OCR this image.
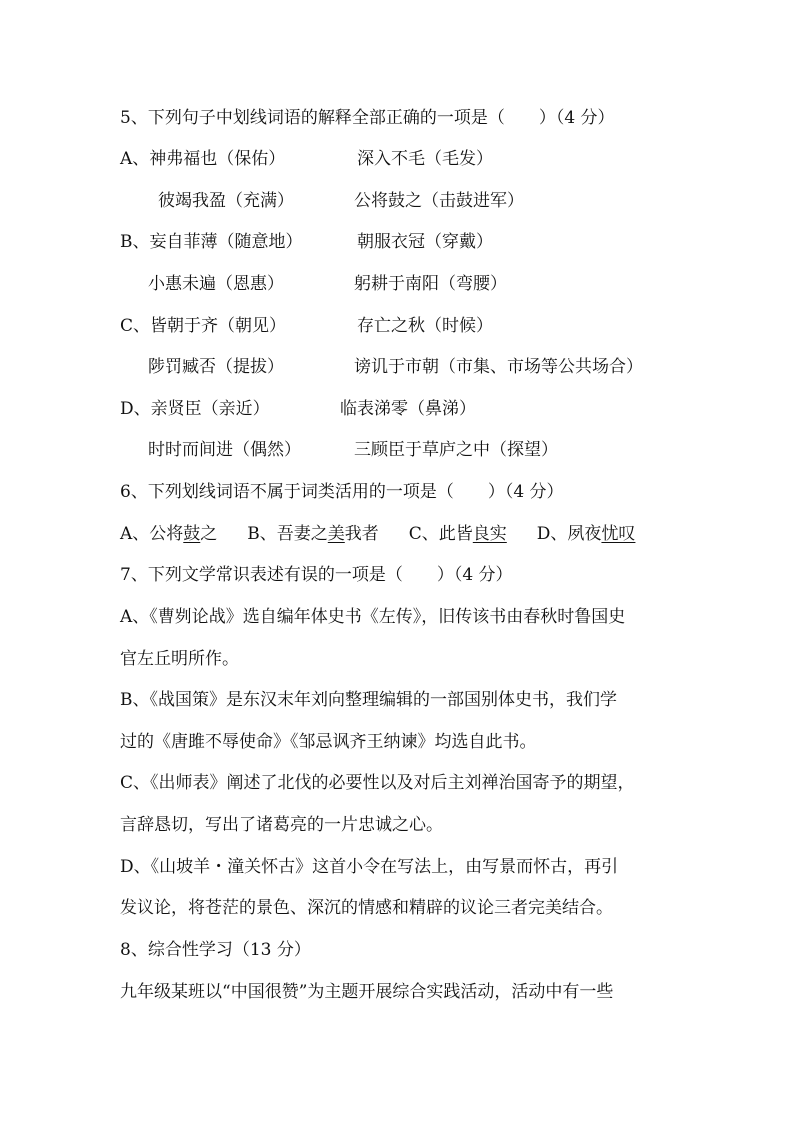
5、下列句子中划线词语的解释全部正确的一项是（　　）（4 分）
A、神弗福也（保佑）	深入不毛（毛发）
彼竭我盈（充满）	公将鼓之（击鼓进军）
B、妄自菲薄（随意地）	朝服衣冠（穿戴）
小惠未遍（恩惠）	躬耕于南阳（弯腰）
C、皆朝于齐（朝见）	存亡之秋（时候）
陟罚臧否（提拔）	谤讥于市朝（市集、市场等公共场合）
D、亲贤臣（亲近）	临表涕零（鼻涕）
时时而间进（偶然）	三顾臣于草庐之中（探望）
6、下列划线词语不属于词类活用的一项是（　　）（4 分）
A、公将鼓之 B、吾妻之美我者 C、此皆良实 D、夙夜忧叹
7、下列文学常识表述有误的一项是（　　）（4 分）
A、《曹刿论战》选自编年体史书《左传》，旧传该书由春秋时鲁国史
官左丘明所作。
B、《战国策》是东汉末年刘向整理编辑的一部国别体史书，我们学
过的《唐雎不辱使命》《邹忌讽齐王纳谏》均选自此书。
C、《出师表》阐述了北伐的必要性以及对后主刘禅治国寄予的期望，
言辞恳切，写出了诸葛亮的一片忠诚之心。
D、《山坡羊・潼关怀古》这首小令在写法上，由写景而怀古，再引
发议论，将苍茫的景色、深沉的情感和精辟的议论三者完美结合。
8、综合性学习（13 分）
九年级某班以“中国很赞”为主题开展综合实践活动，活动中有一些
